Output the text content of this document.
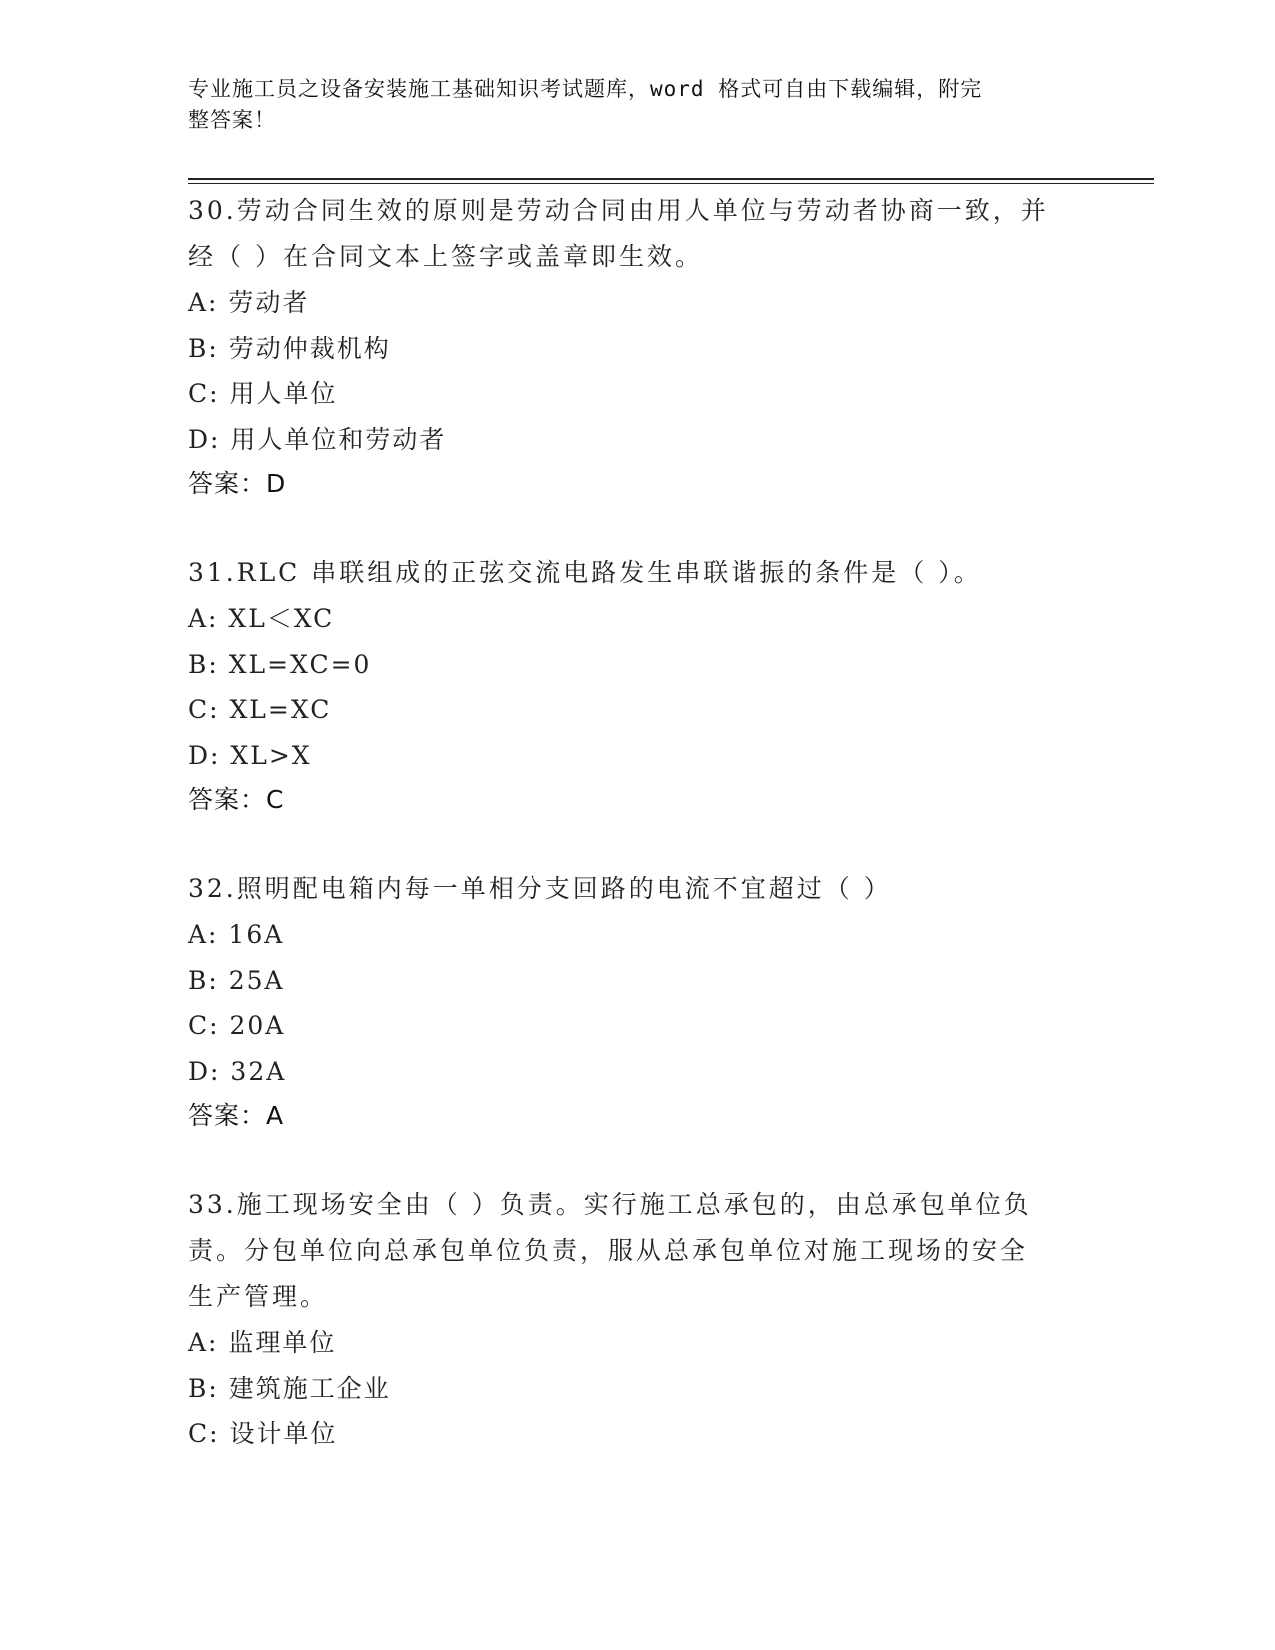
专业施工员之设备安装施工基础知识考试题库，word 格式可自由下载编辑，附完
整答案！
30.劳动合同生效的原则是劳动合同由用人单位与劳动者协商一致，并
经（ ）在合同文本上签字或盖章即生效。
A: 劳动者
B: 劳动仲裁机构
C: 用人单位
D: 用人单位和劳动者
答案：D
31.RLC 串联组成的正弦交流电路发生串联谐振的条件是（ ）。
A: XL＜XC
B: XL=XC=0
C: XL=XC
D: XL>X
答案：C
32.照明配电箱内每一单相分支回路的电流不宜超过（ ）
A: 16A
B: 25A
C: 20A
D: 32A
答案：A
33.施工现场安全由（ ）负责。实行施工总承包的，由总承包单位负
责。分包单位向总承包单位负责，服从总承包单位对施工现场的安全
生产管理。
A: 监理单位
B: 建筑施工企业
C: 设计单位
